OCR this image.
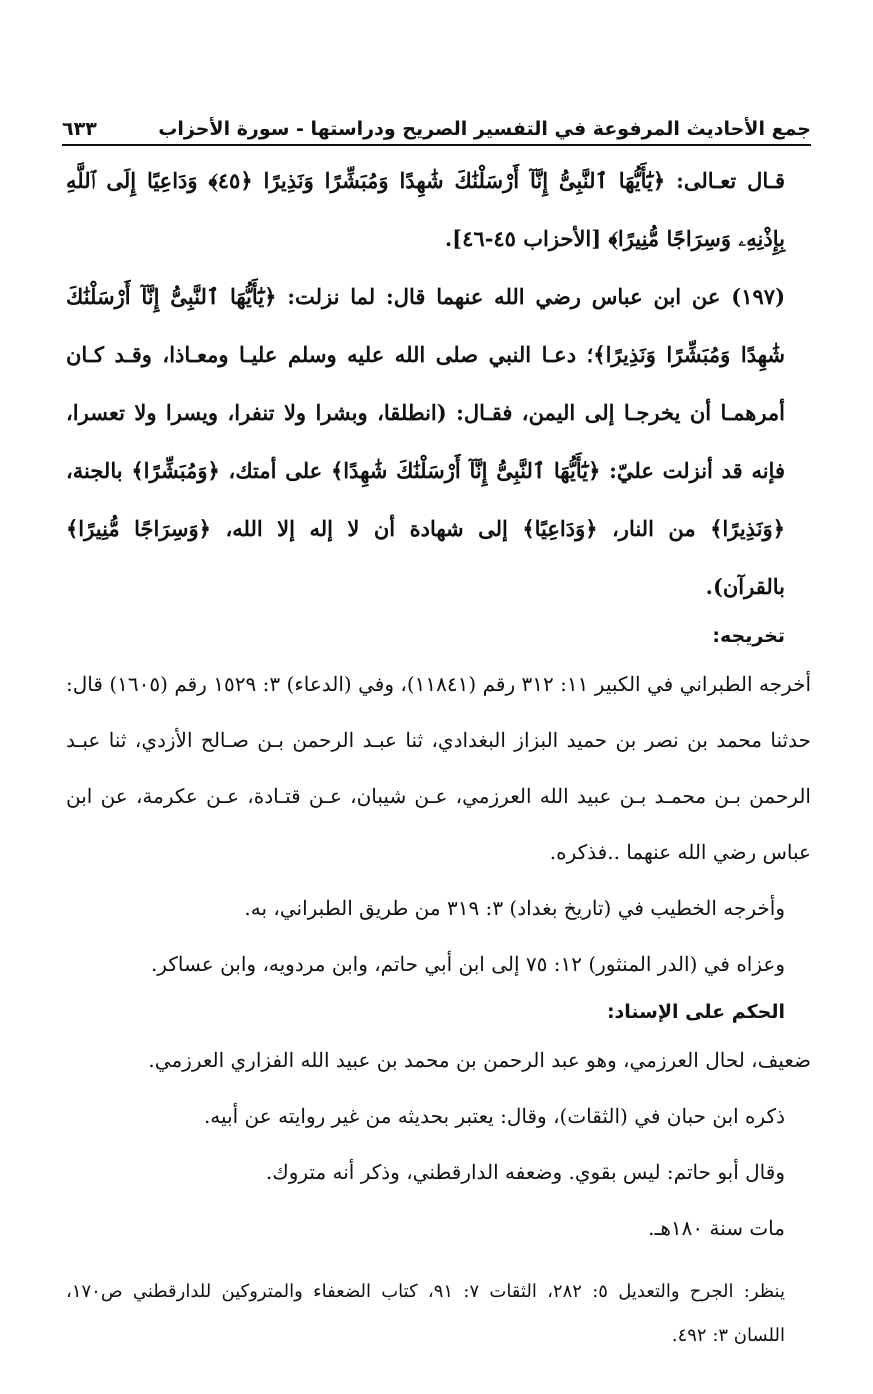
جمع الأحاديث المرفوعة في التفسير الصريح ودراستها - سورة الأحزاب
٦٣٣

قـال تعـالى: ﴿يَٰٓأَيُّهَا ٱلنَّبِىُّ إِنَّآ أَرْسَلْنَٰكَ شَٰهِدًا وَمُبَشِّرًا وَنَذِيرًا ﴿٤٥﴾ وَدَاعِيًا إِلَى ٱللَّهِ بِإِذْنِهِۦ وَسِرَاجًا مُّنِيرًا﴾ [الأحزاب ٤٥-٤٦].

(١٩٧) عن ابن عباس رضي الله عنهما قال: لما نزلت: ﴿يَٰٓأَيُّهَا ٱلنَّبِىُّ إِنَّآ أَرْسَلْنَٰكَ شَٰهِدًا وَمُبَشِّرًا وَنَذِيرًا﴾؛ دعـا النبي صلى الله عليه وسلم عليـا ومعـاذا، وقـد كـان أمرهمـا أن يخرجـا إلى اليمن، فقـال: (انطلقا، وبشرا ولا تنفرا، ويسرا ولا تعسرا، فإنه قد أنزلت عليّ: ﴿يَٰٓأَيُّهَا ٱلنَّبِىُّ إِنَّآ أَرْسَلْنَٰكَ شَٰهِدًا﴾ على أمتك، ﴿وَمُبَشِّرًا﴾ بالجنة، ﴿وَنَذِيرًا﴾ من النار، ﴿وَدَاعِيًا﴾ إلى شهادة أن لا إله إلا الله، ﴿وَسِرَاجًا مُّنِيرًا﴾ بالقرآن).

تخريجه:

أخرجه الطبراني في الكبير ١١: ٣١٢ رقم (١١٨٤١)، وفي (الدعاء) ٣: ١٥٢٩ رقم (١٦٠٥) قال: حدثنا محمد بن نصر بن حميد البزاز البغدادي، ثنا عبـد الرحمن بـن صـالح الأزدي، ثنا عبـد الرحمن بـن محمـد بـن عبيد الله العرزمي، عـن شيبان، عـن قتـادة، عـن عكرمة، عن ابن عباس رضي الله عنهما ..فذكره.

وأخرجه الخطيب في (تاريخ بغداد) ٣: ٣١٩ من طريق الطبراني، به.

وعزاه في (الدر المنثور) ١٢: ٧٥ إلى ابن أبي حاتم، وابن مردويه، وابن عساكر.

الحكم على الإسناد:

ضعيف، لحال العرزمي، وهو عبد الرحمن بن محمد بن عبيد الله الفزاري العرزمي.

ذكره ابن حبان في (الثقات)، وقال: يعتبر بحديثه من غير روايته عن أبيه.

وقال أبو حاتم: ليس بقوي. وضعفه الدارقطني، وذكر أنه متروك.

مات سنة ١٨٠هـ.

ينظر: الجرح والتعديل ٥: ٢٨٢، الثقات ٧: ٩١، كتاب الضعفاء والمتروكين للدارقطني ص١٧٠، اللسان ٣: ٤٩٢.
